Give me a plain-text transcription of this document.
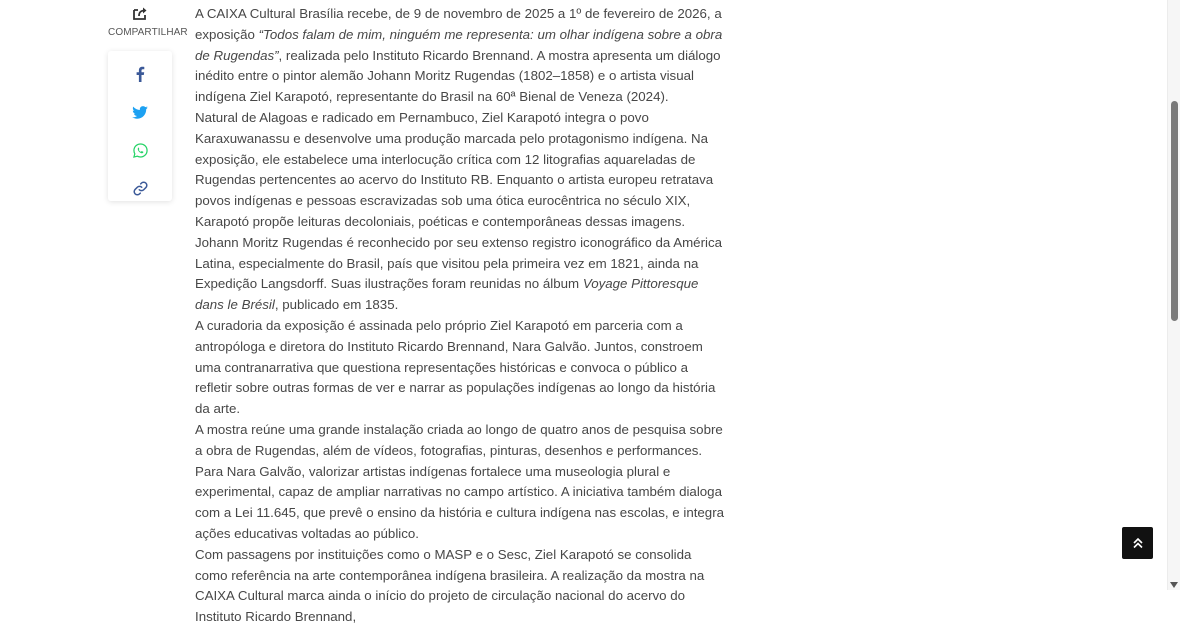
COMPARTILHAR

A CAIXA Cultural Brasília recebe, de 9 de novembro de 2025 a 1º de fevereiro de 2026, a exposição “Todos falam de mim, ninguém me representa: um olhar indígena sobre a obra de Rugendas”, realizada pelo Instituto Ricardo Brennand. A mostra apresenta um diálogo inédito entre o pintor alemão Johann Moritz Rugendas (1802–1858) e o artista visual indígena Ziel Karapotó, representante do Brasil na 60ª Bienal de Veneza (2024).

Natural de Alagoas e radicado em Pernambuco, Ziel Karapotó integra o povo Karaxuwanassu e desenvolve uma produção marcada pelo protagonismo indígena. Na exposição, ele estabelece uma interlocução crítica com 12 litografias aquareladas de Rugendas pertencentes ao acervo do Instituto RB. Enquanto o artista europeu retratava povos indígenas e pessoas escravizadas sob uma ótica eurocêntrica no século XIX, Karapotó propõe leituras decoloniais, poéticas e contemporâneas dessas imagens.

Johann Moritz Rugendas é reconhecido por seu extenso registro iconográfico da América Latina, especialmente do Brasil, país que visitou pela primeira vez em 1821, ainda na Expedição Langsdorff. Suas ilustrações foram reunidas no álbum Voyage Pittoresque dans le Brésil, publicado em 1835.

A curadoria da exposição é assinada pelo próprio Ziel Karapotó em parceria com a antropóloga e diretora do Instituto Ricardo Brennand, Nara Galvão. Juntos, constroem uma contranarrativa que questiona representações históricas e convoca o público a refletir sobre outras formas de ver e narrar as populações indígenas ao longo da história da arte.

A mostra reúne uma grande instalação criada ao longo de quatro anos de pesquisa sobre a obra de Rugendas, além de vídeos, fotografias, pinturas, desenhos e performances. Para Nara Galvão, valorizar artistas indígenas fortalece uma museologia plural e experimental, capaz de ampliar narrativas no campo artístico. A iniciativa também dialoga com a Lei 11.645, que prevê o ensino da história e cultura indígena nas escolas, e integra ações educativas voltadas ao público.

Com passagens por instituições como o MASP e o Sesc, Ziel Karapotó se consolida como referência na arte contemporânea indígena brasileira. A realização da mostra na CAIXA Cultural marca ainda o início do projeto de circulação nacional do acervo do Instituto Ricardo Brennand,
